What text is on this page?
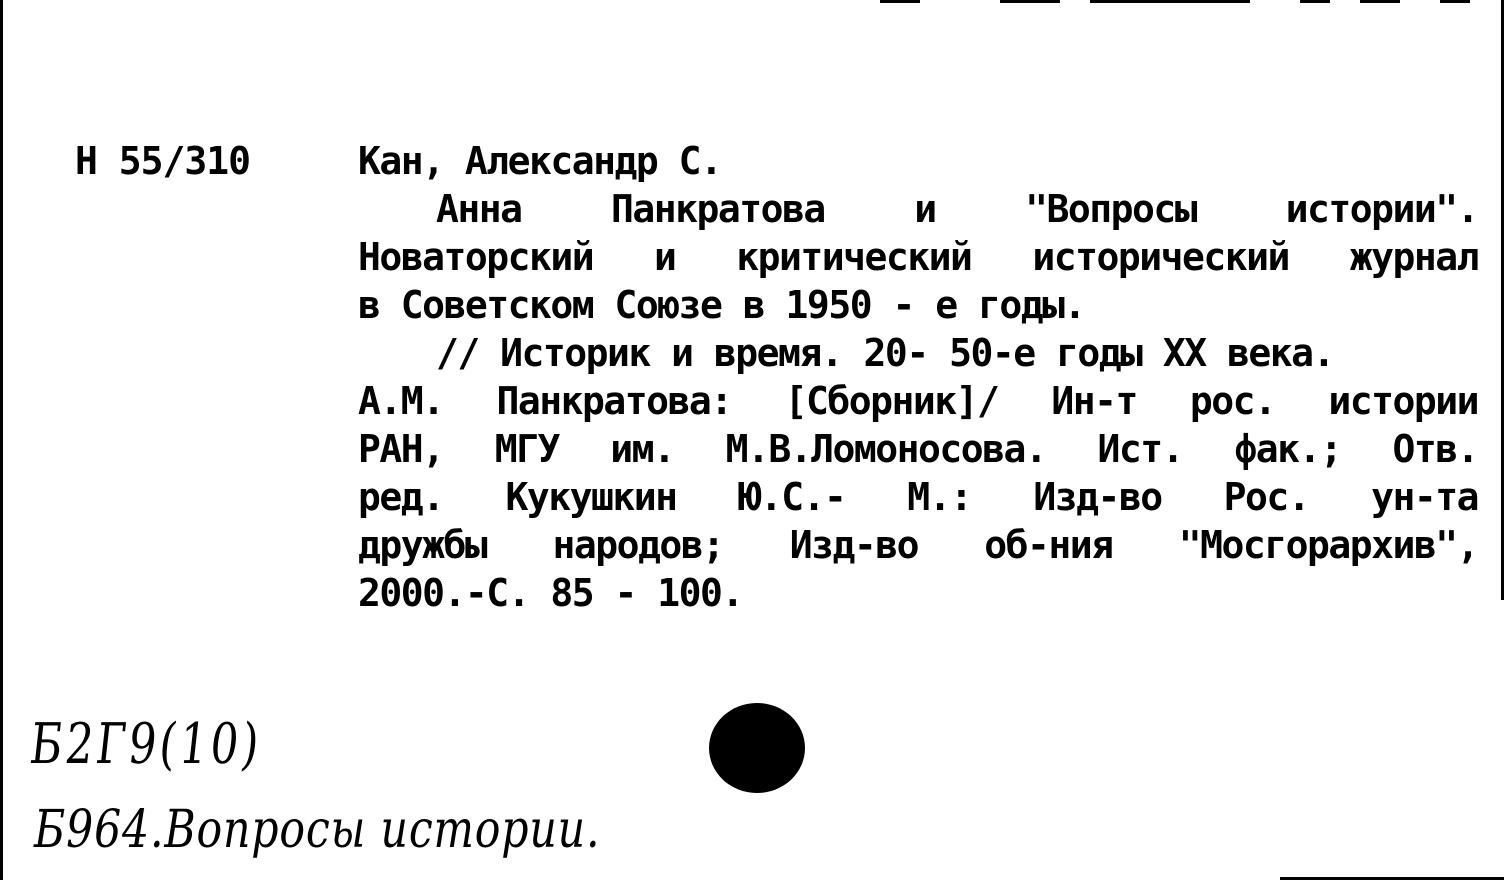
Н 55/310	Кан, Александр С.
Анна Панкратова и "Вопросы истории".
Новаторский и критический исторический журнал
в Советском Союзе в 1950 - е годы.
// Историк и время. 20- 50-е годы XX века.
А.М. Панкратова: [Сборник]/ Ин-т рос. истории
РАН, МГУ им. М.В.Ломоносова. Ист. фак.; Отв.
ред. Кукушкин Ю.С.- М.: Изд-во Рос. ун-та
дружбы народов; Изд-во об-ния "Мосгорархив",
2000.-С. 85 - 100.
Б2Г9(10)
Б964.Вопросы истории.
